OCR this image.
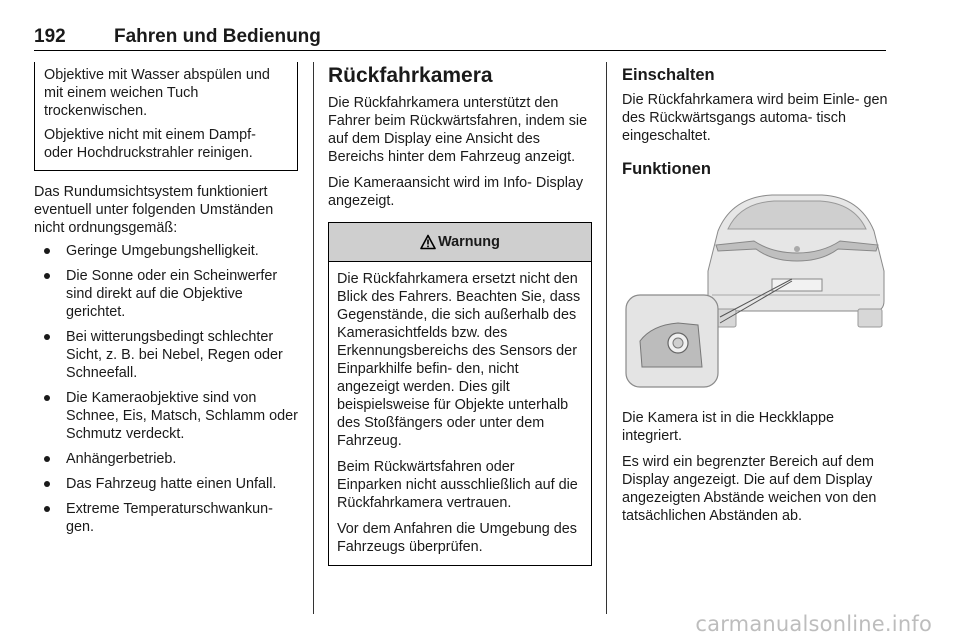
192	Fahren und Bedienung

Objektive mit Wasser abspülen und mit einem weichen Tuch trockenwischen.

Objektive nicht mit einem Dampf- oder Hochdruckstrahler reinigen.

Das Rundumsichtsystem funktioniert eventuell unter folgenden Umständen nicht ordnungsgemäß:

Geringe Umgebungshelligkeit.
Die Sonne oder ein Scheinwerfer sind direkt auf die Objektive gerichtet.
Bei witterungsbedingt schlechter Sicht, z. B. bei Nebel, Regen oder Schneefall.
Die Kameraobjektive sind von Schnee, Eis, Matsch, Schlamm oder Schmutz verdeckt.
Anhängerbetrieb.
Das Fahrzeug hatte einen Unfall.
Extreme Temperaturschwankun- gen.
Rückfahrkamera

Die Rückfahrkamera unterstützt den Fahrer beim Rückwärtsfahren, indem sie auf dem Display eine Ansicht des Bereichs hinter dem Fahrzeug anzeigt.

Die Kameraansicht wird im Info- Display angezeigt.

Warnung

Die Rückfahrkamera ersetzt nicht den Blick des Fahrers. Beachten Sie, dass Gegenstände, die sich außerhalb des Kamerasichtfelds bzw. des Erkennungsbereichs des Sensors der Einparkhilfe befin- den, nicht angezeigt werden. Dies gilt beispielsweise für Objekte unterhalb des Stoßfängers oder unter dem Fahrzeug.

Beim Rückwärtsfahren oder Einparken nicht ausschließlich auf die Rückfahrkamera vertrauen.

Vor dem Anfahren die Umgebung des Fahrzeugs überprüfen.

Einschalten

Die Rückfahrkamera wird beim Einle- gen des Rückwärtsgangs automa- tisch eingeschaltet.

Funktionen

Die Kamera ist in die Heckklappe integriert.

Es wird ein begrenzter Bereich auf dem Display angezeigt. Die auf dem Display angezeigten Abstände weichen von den tatsächlichen Abständen ab.

carmanualsonline.info
